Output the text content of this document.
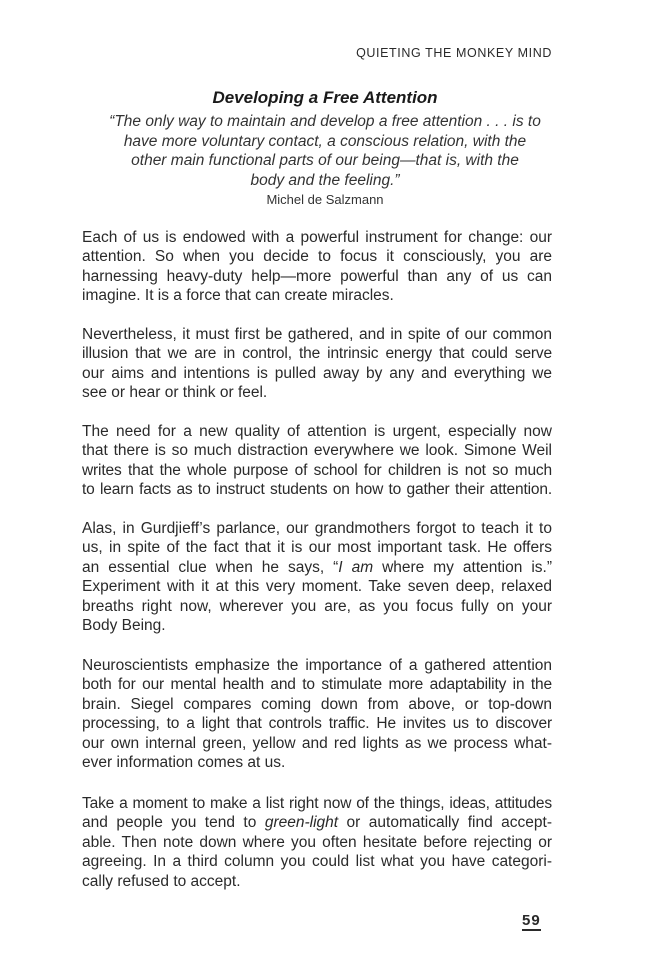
QUIETING THE MONKEY MIND
Developing a Free Attention
“The only way to maintain and develop a free attention . . . is to
have more voluntary contact, a conscious relation, with the
other main functional parts of our being—that is, with the
body and the feeling.”
Michel de Salzmann
Each of us is endowed with a powerful instrument for change: our
attention. So when you decide to focus it consciously, you are
harnessing heavy-duty help—more powerful than any of us can
imagine. It is a force that can create miracles.
Nevertheless, it must first be gathered, and in spite of our common
illusion that we are in control, the intrinsic energy that could serve
our aims and intentions is pulled away by any and everything we
see or hear or think or feel.
The need for a new quality of attention is urgent, especially now
that there is so much distraction everywhere we look. Simone Weil
writes that the whole purpose of school for children is not so much
to learn facts as to instruct students on how to gather their attention.
Alas, in Gurdjieff’s parlance, our grandmothers forgot to teach it to
us, in spite of the fact that it is our most important task. He offers
an essential clue when he says, “I am where my attention is.”
Experiment with it at this very moment. Take seven deep, relaxed
breaths right now, wherever you are, as you focus fully on your
Body Being.
Neuroscientists emphasize the importance of a gathered attention
both for our mental health and to stimulate more adaptability in the
brain. Siegel compares coming down from above, or top-down
processing, to a light that controls traffic. He invites us to discover
our own internal green, yellow and red lights as we process what-
ever information comes at us.
Take a moment to make a list right now of the things, ideas, attitudes
and people you tend to green-light or automatically find accept-
able. Then note down where you often hesitate before rejecting or
agreeing. In a third column you could list what you have categori-
cally refused to accept.
59
